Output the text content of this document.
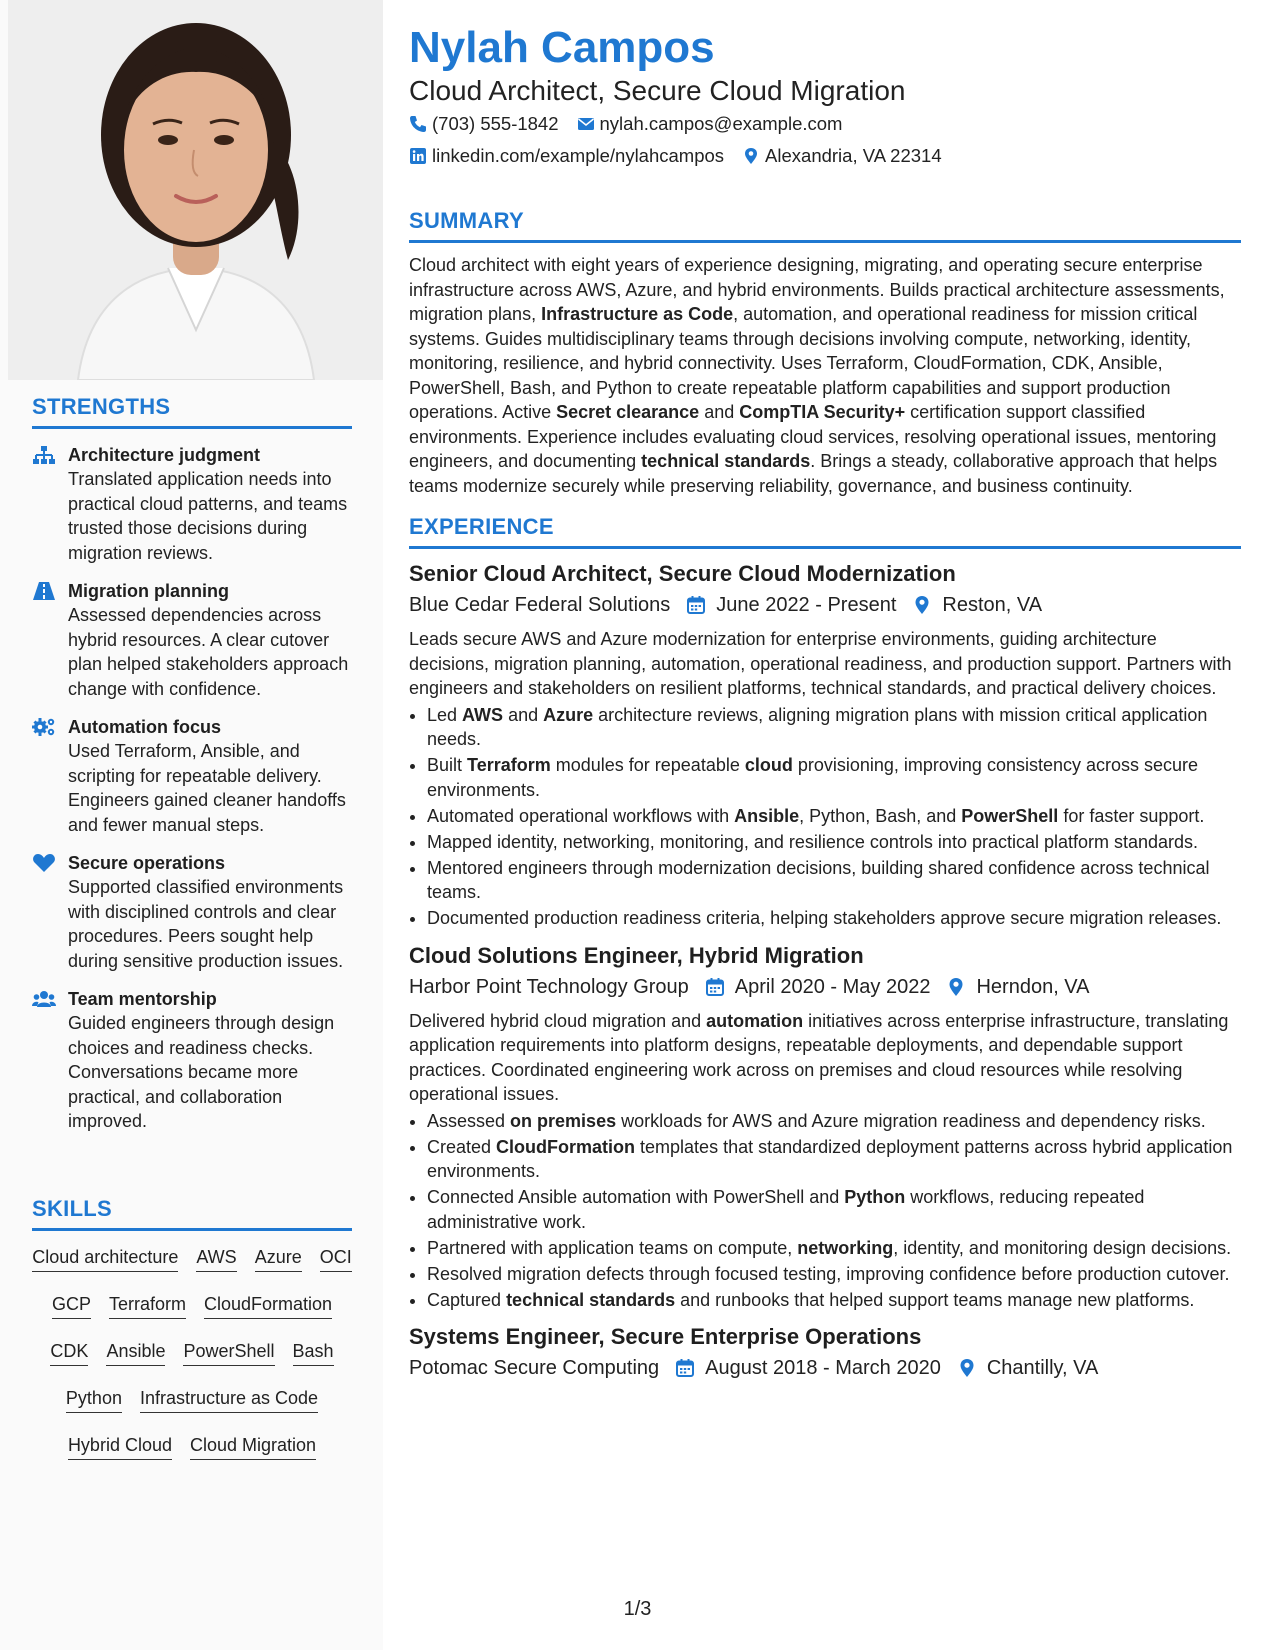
STRENGTHS
Architecture judgment
Translated application needs into practical cloud patterns, and teams trusted those decisions during migration reviews.
Migration planning
Assessed dependencies across hybrid resources. A clear cutover plan helped stakeholders approach change with confidence.
Automation focus
Used Terraform, Ansible, and scripting for repeatable delivery. Engineers gained cleaner handoffs and fewer manual steps.
Secure operations
Supported classified environments with disciplined controls and clear procedures. Peers sought help during sensitive production issues.
Team mentorship
Guided engineers through design choices and readiness checks. Conversations became more practical, and collaboration improved.
SKILLS
Cloud architecture AWS Azure OCI
GCP Terraform CloudFormation
CDK Ansible PowerShell Bash
Python Infrastructure as Code
Hybrid Cloud Cloud Migration
Nylah Campos
Cloud Architect, Secure Cloud Migration
(703) 555-1842 nylah.campos@example.com
linkedin.com/example/nylahcampos Alexandria, VA 22314
SUMMARY
Cloud architect with eight years of experience designing, migrating, and operating secure enterprise infrastructure across AWS, Azure, and hybrid environments. Builds practical architecture assessments, migration plans, Infrastructure as Code, automation, and operational readiness for mission critical systems. Guides multidisciplinary teams through decisions involving compute, networking, identity, monitoring, resilience, and hybrid connectivity. Uses Terraform, CloudFormation, CDK, Ansible, PowerShell, Bash, and Python to create repeatable platform capabilities and support production operations. Active Secret clearance and CompTIA Security+ certification support classified environments. Experience includes evaluating cloud services, resolving operational issues, mentoring engineers, and documenting technical standards. Brings a steady, collaborative approach that helps teams modernize securely while preserving reliability, governance, and business continuity.
EXPERIENCE
Senior Cloud Architect, Secure Cloud Modernization
Blue Cedar Federal Solutions June 2022 - Present Reston, VA
Leads secure AWS and Azure modernization for enterprise environments, guiding architecture decisions, migration planning, automation, operational readiness, and production support. Partners with engineers and stakeholders on resilient platforms, technical standards, and practical delivery choices.
• Led AWS and Azure architecture reviews, aligning migration plans with mission critical application needs.
• Built Terraform modules for repeatable cloud provisioning, improving consistency across secure environments.
• Automated operational workflows with Ansible, Python, Bash, and PowerShell for faster support.
• Mapped identity, networking, monitoring, and resilience controls into practical platform standards.
• Mentored engineers through modernization decisions, building shared confidence across technical teams.
• Documented production readiness criteria, helping stakeholders approve secure migration releases.
Cloud Solutions Engineer, Hybrid Migration
Harbor Point Technology Group April 2020 - May 2022 Herndon, VA
Delivered hybrid cloud migration and automation initiatives across enterprise infrastructure, translating application requirements into platform designs, repeatable deployments, and dependable support practices. Coordinated engineering work across on premises and cloud resources while resolving operational issues.
• Assessed on premises workloads for AWS and Azure migration readiness and dependency risks.
• Created CloudFormation templates that standardized deployment patterns across hybrid application environments.
• Connected Ansible automation with PowerShell and Python workflows, reducing repeated administrative work.
• Partnered with application teams on compute, networking, identity, and monitoring design decisions.
• Resolved migration defects through focused testing, improving confidence before production cutover.
• Captured technical standards and runbooks that helped support teams manage new platforms.
Systems Engineer, Secure Enterprise Operations
Potomac Secure Computing August 2018 - March 2020 Chantilly, VA
1/3
